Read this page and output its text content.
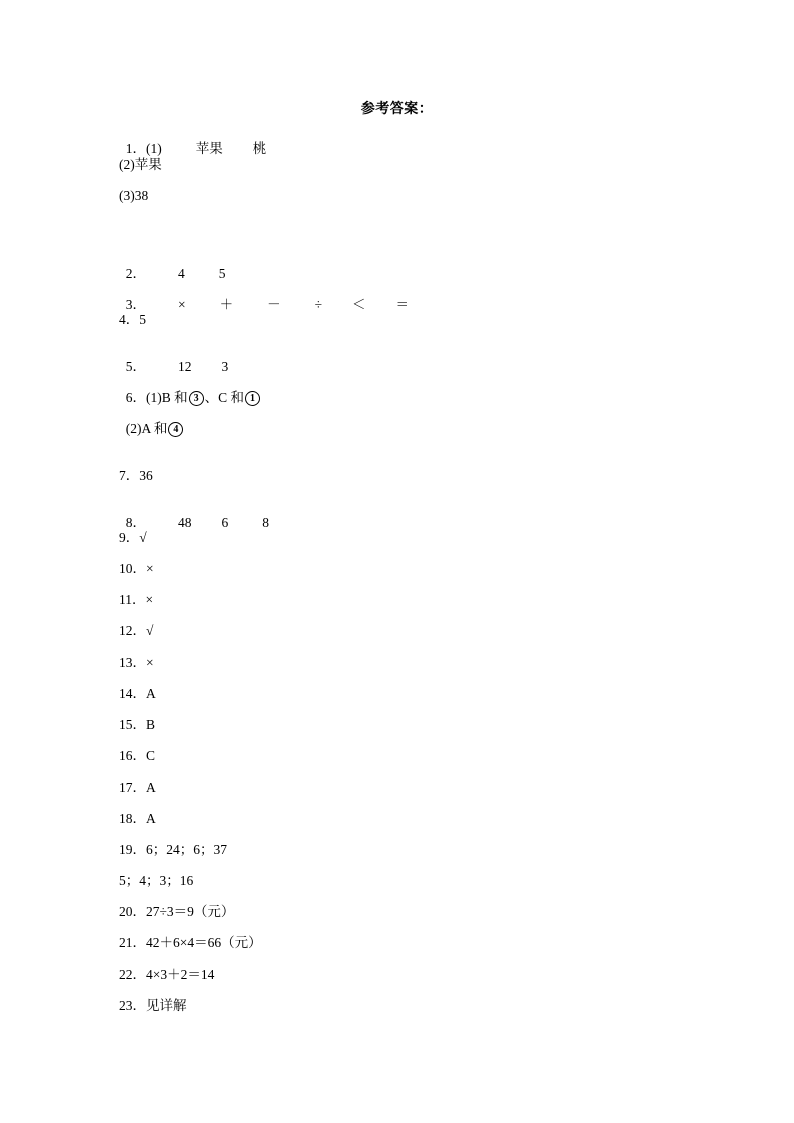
参考答案：

1．(1)	苹果 桃

(2)苹果
(3)38

2． 4	5

3． ×	＋	－	÷ ＜ ＝

4．5

5． 12 3

6．(1)B 和 3 、C 和 1

(2)A 和 4

7．36

8． 48 6	8

9．√
10．×
11．×
12．√
13．×
14．A
15．B
16．C
17．A
18．A
19．6；24；6；37
5；4；3；16
20．27÷3＝9（元）
21．42＋6×4＝66（元）
22．4×3＋2＝14
23．见详解
